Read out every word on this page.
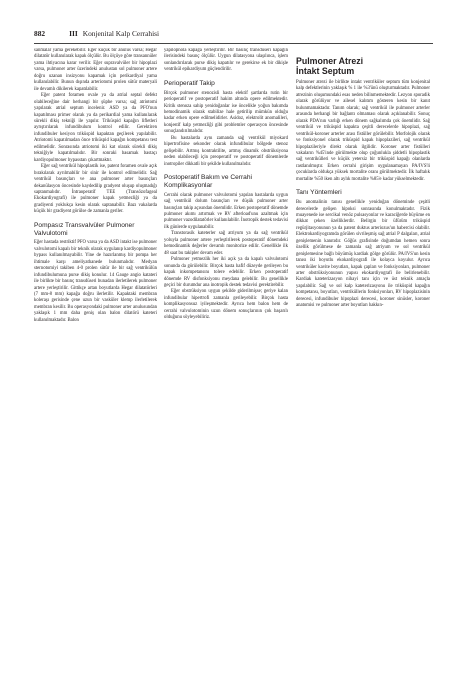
882	III Konjenital Kalp Cerrahisi

sanmalar yama gerekebilir. Eğer küçük bir anulus varsa; Hegar dilatatör kullanılarak kapak ölçülür. Bu ölçüye göre transannüler yama ihtiyacına karar verilir. Eğer supravalvüler bir hipoplazi varsa, pulmoner arter üzerindeki anulustan sol pulmoner artere doğru uzanan insizyonu kapamak için perikardiyal yama kullanılabilir. Bunun dışında arteriotomi prolen sütür materyali ile devamlı dikilerek kapatılabilir.

Eğer patent foramen ovale ya da atrial septal defekt olabileceğine dair herhangi bir şüphe varsa; sağ atriotomi yapılarak atrial septum incelenir. ASD ya da PFO'nun kapatılması primer olarak ya da perikardial yama kullanılarak sürekli dikiş tekniği ile yapılır. Triküspid kapağın lifletleri ayrıştırılarak infundibulum kontrol edilir. Gerektiren infundibuler kesiyon triküspid kapaktan geçilerek yapılabilir. Atriotomi kapatılmadan önce triküspid kapağın kompetansı test edilmelidir. Sonrasında atriotomi iki kat olarak sürekli dikiş tekniğiyle kapatılmalıdır. Bir sonraki basamak bastaçı kardiyopulmoner bypasstan çıkartmaktır.

Eğer sağ ventrikül hipoplastik ise, patent foramen ovale açık bırakılarak ayrılmabilir bir sinir ile kontrol edilmelidir. Sağ ventrikül basınçları ve ana pulmoner arter basınçları dekanülasyon öncesinde kaydedilip gradyent oluşup oluşmadığı saptanmalıdır. İntraoperatif TEE (Transözofageal Ekokardiyografi) ile pulmoner kapak yetmezliği ya da gradiyenti yoklukça kesin olarak saptanabilir. Bazı vakalarda küçük bir gradiyent görülse de zamanla geriler.

Pompasız Transvalvüler Pulmoner Valvulotomi

Eğer hastada restriktif PFO varsa ya da ASD intakt ise pulmoner valvulotomi kapalı bir teknik olarak uygulanıp kardiyopulmoner bypass kullanılmayabilir. Yine de hazırlanmış bir pompa her ihtimale karşı ameliyathanede bulunmalıdır. Medyan sternotomiyi takiben 4-0 prolen sütür ile bir sağ ventrikülün infundibulumuna purse dikiş konulur. 14 Gauge angio katateri ile birlikte bir basınç transdüseri bunadan ilerletilerek pulmoner artere yerleştirilir. Gittikçe artan boyutlarda Hegar dilatatörleri (7 mm-8 mm) kapağa doğru ilerletilir. Kapaktaki membran koleraşı gerisinde çene uzun bir vasküler klemp ilerletilerek membran kesilir. Bu operasyondaki pulmoner arter anulusundan yaklaşık 1 mm daha geniş olan balon dilatörü kateteri kullanılmaktadır. Balon

yapılopnola kapağa yerleştirilir. Bir basınç transdüseri kapağın ilerisindeki basınç ölçülür. Uygun dilatasyona ulaşılınca, işlem sonlandırılarak purse dikiş kapatılır ve gerekirse ek bir dikişle ventrikül epikardiyum güçlendirilir.

Perioperatif Takip

Birçok pulmoner stenozisli hasta elektif şartlarda rutin bir perioperatif ve postoperatif hakim altında opere edilmektedir. Kritik stenoza sahip yenidoğanlar ise öncelikle yoğun bakımda hemodinamik olarak stabilize hale getirilip mümkün olduğu kadar erken opere edilmelidirler. Asidoz, elektrolit anomalileri, konjestif kalp yetmezliği gibi problemler operasyon öncesinde sonuçlandırılmalıdır.

Bu hastalarda aynı zamanda sağ ventrikül miyokard hipertrofisine sekonder olarak infundibular bölgede stenoz gelişebilir. Artmış kontraktilite, artmış dinamik obstrüksiyona neden olabileceği için preoperatif ve postoperatif dönemlerde inotropiler dikkatli bir şekilde kullanılmalıdır.

Postoperatif Bakım ve Cerrahi Komplikasyonlar

Cerrahi olarak pulmoner valvulotomi yapılan hastalarda uygun sağ ventrikül dolum basınçları ve düşük pulmoner arter basınçları takip açısından önemlidir. Erken postoperatif dönemde pulmoner akımı artırmak ve RV afterload'unu azaltmak için pulmoner vazodilatatörler kullanılabilir. İnotropik destek tedavisi ilk günlerde uygulanabilir.

Transtorasik kateterler sağ atriyum ya da sağ ventrikül yoluyla pulmoner artere yerleştirilerek postoperatif dönemdeki hemodinamik değerler devamlı monitorize edilir. Genellikle ilk 48 saat bu takipler devam eder.

Pulmoner yetmezlik her iki açık ya da kapalı valvulotomi sonunda da görülebilir. Birçok hasta hafif düzeyde gerileyen bu kapak inkompetansını tolere edebilir. Erken postoperatif dönemde RV disfonksiyonu meydana gelebilir. Bu genellikle geçici bir durumdur ana inotropik destek tedavisi gerektirebilir.

Eğer obstrüksiyon uygun şekilde giderilmişse; geriye kalan infundibular hipertrofi zamanla gerileyebilir. Birçok hasta komplikasyonsuz iyileşmektedir. Ayrıca hem balon hem de cerrahi valvulotominin uzun dönem sonuçlarının çok başarılı olduğunu söyleyebiliriz.

Pulmoner Atrezi
İntakt Septum

Pulmoner atrezi ile birlikte intakt ventriküler septum tüm konjenital kalp defektlerinin yaklaşık % 1 ile %3'ünü oluşturmaktadır. Pulmoner atrezinin oluşumundaki esas neden bilinmemektedir. Lezyon sporadik olarak görülüyor ve ailesel kalıtım gösteren kesin bir kanıt bulunmamaktadır. Tanım olarak; sağ ventrikül ile pulmoner arterler arasında herhangi bir bağlantı olmaması olarak açıklanabilir. Sonuç olarak PDA'nın varlığı erken dönem sağkalımda çok önemlidir. Sağ ventrikül ve triküspid kapakta çeşitli derecelerde hipoplazi, sağ ventrikül-koroner arterler arası fistüller görülebilir. Morfolojik olarak ve fonksiyonel olarak triküspid kapak hipoplazileri, sağ ventrikül hipoplazileriyle direkt olarak ilgilidir. Koroner arter fistülleri vakaların %45'inde görülmekte olup çoğunlukla şiddetli hipoplastik sağ ventrikülleri ve küçük yetersiz bir triküspid kapağı olanlarda rastlanılmıştır. Erken cerrahi girişim uygulanamayan PA/IVS'li çocuklarda oldukça yüksek mortalite oranı görülmektedir. İlk haftalık mortalite %50 iken altı aylık mortalite %85'e kadar yükselmektedir.

Tanı Yöntemleri

Bu anomalinin tanısı genellikle yenidoğan döneminde çeşitli derecelerde gelişen hipoksi sonrasında konulmaktadır. Fizik muayenede ise sercikal venöz pulsasyonlar ve karaciğerde büyüme en dikkat çeken özelliklerdir. Belirgin bir üfürüm triküspid regürjitasyonunun ya da patent duktus arteriozus'un habercisi olabilir. Elektrokardiyogramda görülen sivrileşmiş sağ atrial P dalgaları, atrial genişlemenin kanıtıdır. Göğüs grafisinde doğumdan hemen sonra özellik görülmese de zamanla sağ atriyum ve sol ventrikül genişlemesine bağlı büyümüş kardiak gölge görülür. PA/IVS'un kesin tanısı iki boyutlu ekokardiyografi ile kolayca koyulur. Ayrıca ventriküler kavite boyutları, kapak çapları ve fonksiyonları, pulmoner arter obstrüksiyonunun yapısı ekokardiyografi ile belirlenebilir. Kardiak kateterizasyon nihayi tanı için ve üst teknik amaçla yapılabilir. Sağ ve sol kalp kateterizasyonu ile triküspid kapağın kompetansı, boyutları, ventriküllerin fonksiyonları, RV hipoplazisinin derecesi, infundibuler hipoplazi derecesi, koroner sinüsler, koroner anatomisi ve pulmoner arter boyutları hakkın-
